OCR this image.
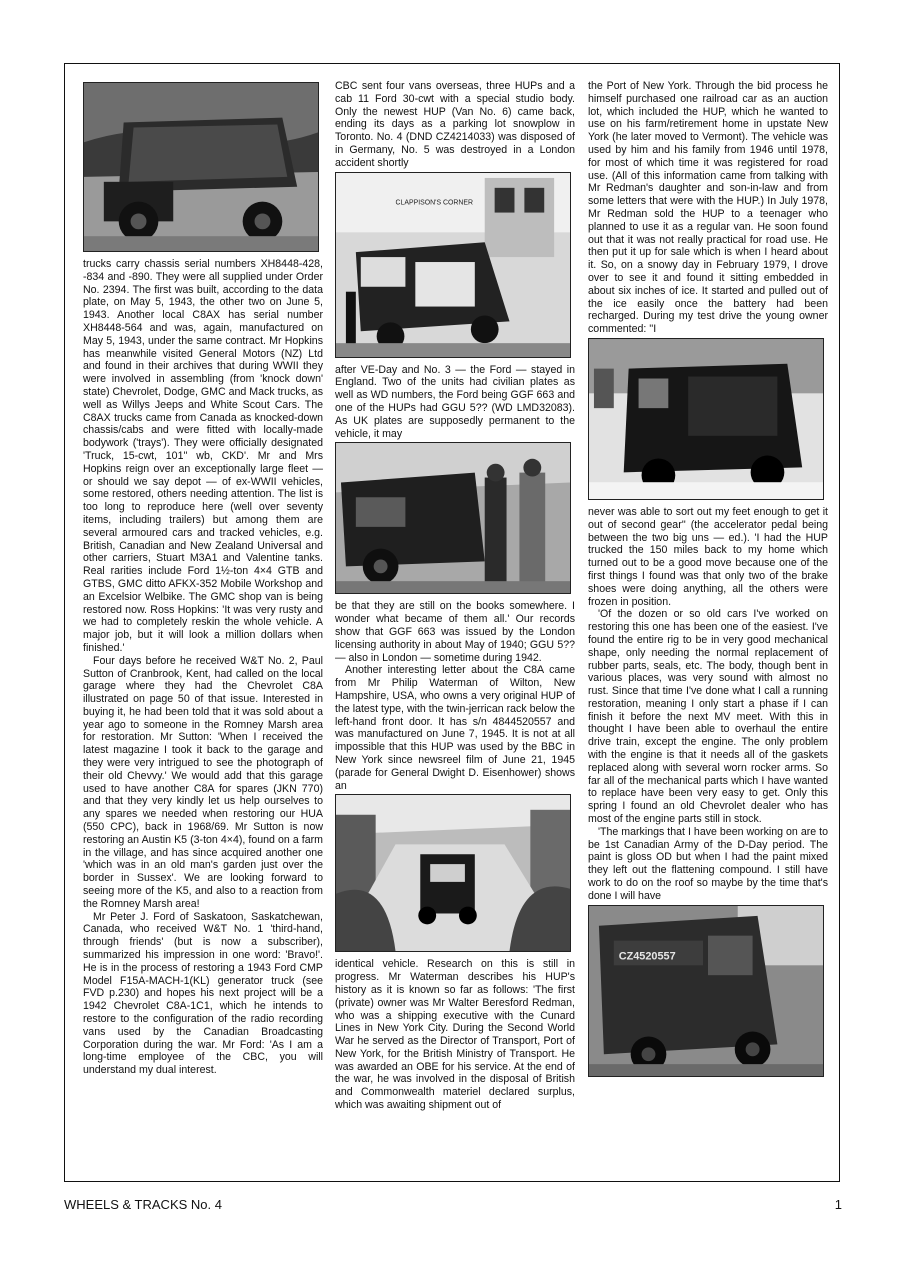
trucks carry chassis serial numbers XH8448-428, -834 and -890. They were all supplied under Order No. 2394. The first was built, according to the data plate, on May 5, 1943, the other two on June 5, 1943. Another local C8AX has serial number XH8448-564 and was, again, manufactured on May 5, 1943, under the same contract. Mr Hopkins has meanwhile visited General Motors (NZ) Ltd and found in their archives that during WWII they were involved in assembling (from 'knock down' state) Chevrolet, Dodge, GMC and Mack trucks, as well as Willys Jeeps and White Scout Cars. The C8AX trucks came from Canada as knocked-down chassis/cabs and were fitted with locally-made bodywork ('trays'). They were officially designated 'Truck, 15-cwt, 101'' wb, CKD'. Mr and Mrs Hopkins reign over an exceptionally large fleet — or should we say depot — of ex-WWII vehicles, some restored, others needing attention. The list is too long to reproduce here (well over seventy items, including trailers) but among them are several armoured cars and tracked vehicles, e.g. British, Canadian and New Zealand Universal and other carriers, Stuart M3A1 and Valentine tanks. Real rarities include Ford 1½-ton 4×4 GTB and GTBS, GMC ditto AFKX-352 Mobile Workshop and an Excelsior Welbike. The GMC shop van is being restored now. Ross Hopkins: 'It was very rusty and we had to completely reskin the whole vehicle. A major job, but it will look a million dollars when finished.'

Four days before he received W&T No. 2, Paul Sutton of Cranbrook, Kent, had called on the local garage where they had the Chevrolet C8A illustrated on page 50 of that issue. Interested in buying it, he had been told that it was sold about a year ago to someone in the Romney Marsh area for restoration. Mr Sutton: 'When I received the latest magazine I took it back to the garage and they were very intrigued to see the photograph of their old Chevvy.' We would add that this garage used to have another C8A for spares (JKN 770) and that they very kindly let us help ourselves to any spares we needed when restoring our HUA (550 CPC), back in 1968/69. Mr Sutton is now restoring an Austin K5 (3-ton 4×4), found on a farm in the village, and has since acquired another one 'which was in an old man's garden just over the border in Sussex'. We are looking forward to seeing more of the K5, and also to a reaction from the Romney Marsh area!

Mr Peter J. Ford of Saskatoon, Saskatchewan, Canada, who received W&T No. 1 'third-hand, through friends' (but is now a subscriber), summarized his impression in one word: 'Bravo!'. He is in the process of restoring a 1943 Ford CMP Model F15A-MACH-1(KL) generator truck (see FVD p.230) and hopes his next project will be a 1942 Chevrolet C8A-1C1, which he intends to restore to the configuration of the radio recording vans used by the Canadian Broadcasting Corporation during the war. Mr Ford: 'As I am a long-time employee of the CBC, you will understand my dual interest.

CBC sent four vans overseas, three HUPs and a cab 11 Ford 30-cwt with a special studio body. Only the newest HUP (Van No. 6) came back, ending its days as a parking lot snowplow in Toronto. No. 4 (DND CZ4214033) was disposed of in Germany, No. 5 was destroyed in a London accident shortly

CLAPPISON'S CORNER

after VE-Day and No. 3 — the Ford — stayed in England. Two of the units had civilian plates as well as WD numbers, the Ford being GGF 663 and one of the HUPs had GGU 5?? (WD LMD32083). As UK plates are supposedly permanent to the vehicle, it may

be that they are still on the books somewhere. I wonder what became of them all.' Our records show that GGF 663 was issued by the London licensing authority in about May of 1940; GGU 5?? — also in London — sometime during 1942.

Another interesting letter about the C8A came from Mr Philip Waterman of Wilton, New Hampshire, USA, who owns a very original HUP of the latest type, with the twin-jerrican rack below the left-hand front door. It has s/n 4844520557 and was manufactured on June 7, 1945. It is not at all impossible that this HUP was used by the BBC in New York since newsreel film of June 21, 1945 (parade for General Dwight D. Eisenhower) shows an

identical vehicle. Research on this is still in progress. Mr Waterman describes his HUP's history as it is known so far as follows: 'The first (private) owner was Mr Walter Beresford Redman, who was a shipping executive with the Cunard Lines in New York City. During the Second World War he served as the Director of Transport, Port of New York, for the British Ministry of Transport. He was awarded an OBE for his service. At the end of the war, he was involved in the disposal of British and Commonwealth materiel declared surplus, which was awaiting shipment out of

the Port of New York. Through the bid process he himself purchased one railroad car as an auction lot, which included the HUP, which he wanted to use on his farm/retirement home in upstate New York (he later moved to Vermont). The vehicle was used by him and his family from 1946 until 1978, for most of which time it was registered for road use. (All of this information came from talking with Mr Redman's daughter and son-in-law and from some letters that were with the HUP.) In July 1978, Mr Redman sold the HUP to a teenager who planned to use it as a regular van. He soon found out that it was not really practical for road use. He then put it up for sale which is when I heard about it. So, on a snowy day in February 1979, I drove over to see it and found it sitting embedded in about six inches of ice. It started and pulled out of the ice easily once the battery had been recharged. During my test drive the young owner commented: ''I

never was able to sort out my feet enough to get it out of second gear'' (the accelerator pedal being between the two big uns — ed.). 'I had the HUP trucked the 150 miles back to my home which turned out to be a good move because one of the first things I found was that only two of the brake shoes were doing anything, all the others were frozen in position.

'Of the dozen or so old cars I've worked on restoring this one has been one of the easiest. I've found the entire rig to be in very good mechanical shape, only needing the normal replacement of rubber parts, seals, etc. The body, though bent in various places, was very sound with almost no rust. Since that time I've done what I call a running restoration, meaning I only start a phase if I can finish it before the next MV meet. With this in thought I have been able to overhaul the entire drive train, except the engine. The only problem with the engine is that it needs all of the gaskets replaced along with several worn rocker arms. So far all of the mechanical parts which I have wanted to replace have been very easy to get. Only this spring I found an old Chevrolet dealer who has most of the engine parts still in stock.

'The markings that I have been working on are to be 1st Canadian Army of the D-Day period. The paint is gloss OD but when I had the paint mixed they left out the flattening compound. I still have work to do on the roof so maybe by the time that's done I will have

CZ4520557
WHEELS & TRACKS No. 4	1
